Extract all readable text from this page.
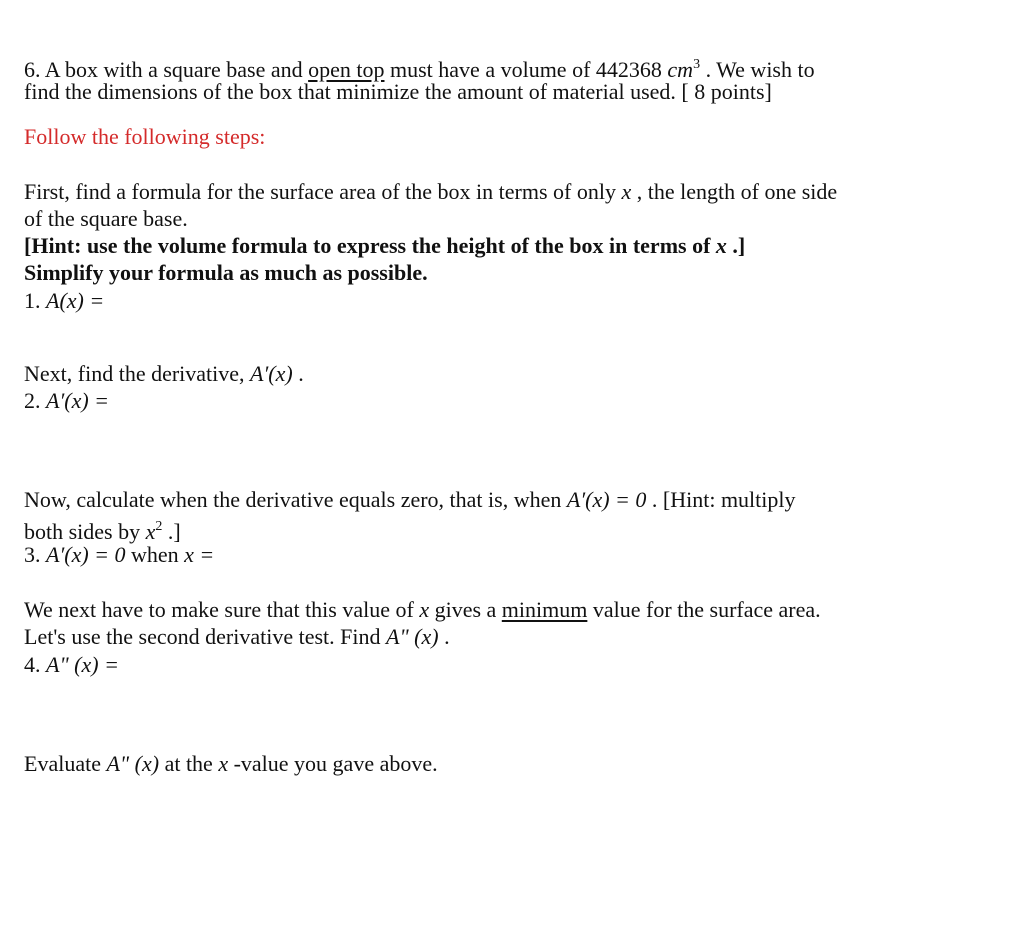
6. A box with a square base and open top must have a volume of 442368 $cm^3$ . We wish to
find the dimensions of the box that minimize the amount of material used. [ 8 points]
Follow the following steps:
First, find a formula for the surface area of the box in terms of only x , the length of one side
of the square base.
[Hint: use the volume formula to express the height of the box in terms of x .]
Simplify your formula as much as possible.
1. A(x) =
Next, find the derivative, A′(x) .
2. A′(x) =
Now, calculate when the derivative equals zero, that is, when A′(x) = 0 . [Hint: multiply
both sides by $x^2$ .]
3. A′(x) = 0 when x =
We next have to make sure that this value of x gives a minimum value for the surface area.
Let's use the second derivative test. Find A" (x) .
4. A" (x) =
Evaluate A" (x) at the x -value you gave above.
